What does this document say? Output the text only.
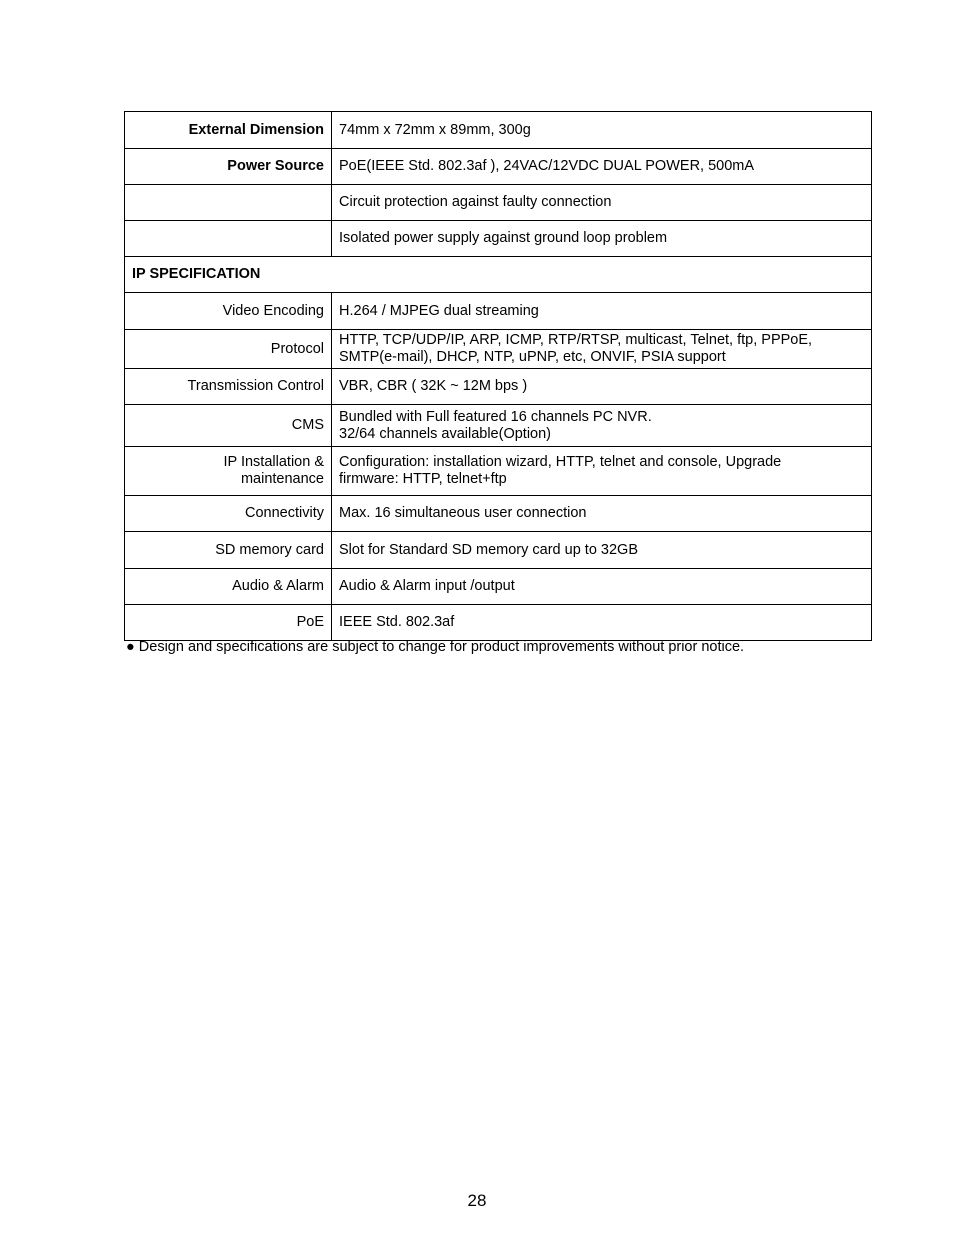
External Dimension	74mm x 72mm x 89mm, 300g

Power Source	PoE(IEEE Std. 802.3af ), 24VAC/12VDC DUAL POWER, 500mA

	Circuit protection against faulty connection

	Isolated power supply against ground loop problem

IP SPECIFICATION	

Video Encoding	H.264 / MJPEG dual streaming

Protocol	HTTP, TCP/UDP/IP, ARP, ICMP, RTP/RTSP, multicast, Telnet, ftp, PPPoE,
SMTP(e-mail), DHCP, NTP, uPNP, etc, ONVIF, PSIA support

Transmission Control	VBR, CBR ( 32K ~ 12M bps )

CMS	Bundled with Full featured 16 channels PC NVR.
32/64 channels available(Option)

IP Installation &
maintenance	Configuration: installation wizard, HTTP, telnet and console, Upgrade
firmware: HTTP, telnet+ftp

Connectivity	Max. 16 simultaneous user connection

SD memory card	Slot for Standard SD memory card up to 32GB

Audio & Alarm	Audio & Alarm input /output

PoE	IEEE Std. 802.3af
● Design and specifications are subject to change for product improvements without prior notice.
28
